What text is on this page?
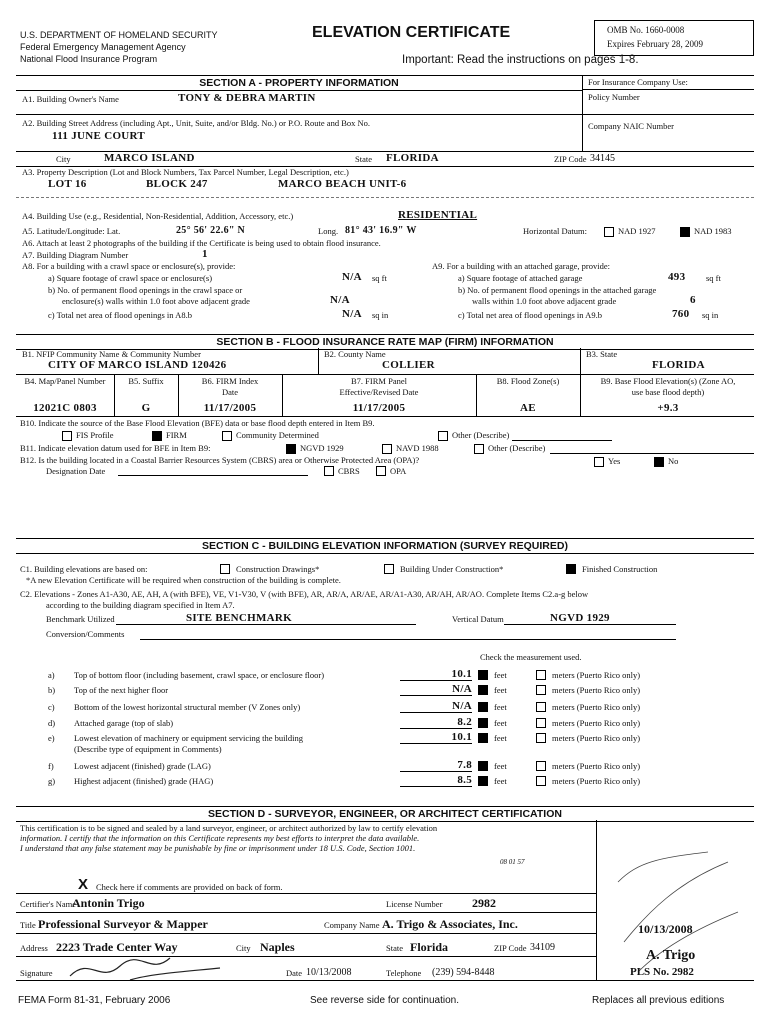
U.S. DEPARTMENT OF HOMELAND SECURITY
Federal Emergency Management Agency
National Flood Insurance Program
ELEVATION CERTIFICATE	OMB No. 1660-0008
Expires February 28, 2009
Important: Read the instructions on pages 1-8.
SECTION A - PROPERTY INFORMATION	For Insurance Company Use:
Policy Number
Company NAIC Number
A1. Building Owner's Name	TONY & DEBRA MARTIN
A2. Building Street Address (including Apt., Unit, Suite, and/or Bldg. No.) or P.O. Route and Box No.
111 JUNE COURT
City	MARCO ISLAND	State FLORIDA	ZIP Code 34145
A3. Property Description (Lot and Block Numbers, Tax Parcel Number, Legal Description, etc.)
LOT 16	BLOCK 247	MARCO BEACH UNIT-6
A4. Building Use (e.g., Residential, Non-Residential, Addition, Accessory, etc.)	RESIDENTIAL
A5. Latitude/Longitude: Lat.	25° 56' 22.6" N	Long. 81° 43' 16.9" W	Horizontal Datum:	NAD 1927	NAD 1983
A6. Attach at least 2 photographs of the building if the Certificate is being used to obtain flood insurance.
A7. Building Diagram Number	1
A8. For a building with a crawl space or enclosure(s), provide:
a) Square footage of crawl space or enclosure(s)	N/A sq ft
b) No. of permanent flood openings in the crawl space or
enclosure(s) walls within 1.0 foot above adjacent grade	N/A
c) Total net area of flood openings in A8.b	N/A sq in
A9. For a building with an attached garage, provide:
a) Square footage of attached garage	493 sq ft
b) No. of permanent flood openings in the attached garage
walls within 1.0 foot above adjacent grade	6
c) Total net area of flood openings in A9.b	760 sq in
SECTION B - FLOOD INSURANCE RATE MAP (FIRM) INFORMATION
B1. NFIP Community Name & Community Number
CITY OF MARCO ISLAND 120426
B2. County Name
COLLIER
B3. State
FLORIDA
B4. Map/Panel Number
12021C 0803
B5. Suffix
G
B6. FIRM Index
Date
11/17/2005
B7. FIRM Panel
Effective/Revised Date
11/17/2005
B8. Flood Zone(s)
AE
B9. Base Flood Elevation(s) (Zone AO,
use base flood depth)
+9.3
B10. Indicate the source of the Base Flood Elevation (BFE) data or base flood depth entered in Item B9.
FIS Profile	FIRM	Community Determined	Other (Describe)
B11. Indicate elevation datum used for BFE in Item B9:	NGVD 1929	NAVD 1988	Other (Describe)
B12. Is the building located in a Coastal Barrier Resources System (CBRS) area or Otherwise Protected Area (OPA)?
Designation Date	CBRS	OPA
Yes	No
SECTION C - BUILDING ELEVATION INFORMATION (SURVEY REQUIRED)
C1. Building elevations are based on:	Construction Drawings*	Building Under Construction*	Finished Construction
*A new Elevation Certificate will be required when construction of the building is complete.
C2. Elevations - Zones A1-A30, AE, AH, A (with BFE), VE, V1-V30, V (with BFE), AR, AR/A, AR/AE, AR/A1-A30, AR/AH, AR/AO. Complete Items C2.a-g below
according to the building diagram specified in Item A7.
Benchmark Utilized	SITE BENCHMARK	Vertical Datum	NGVD 1929
Conversion/Comments
Check the measurement used.
a) Top of bottom floor (including basement, crawl space, or enclosure floor)	10.1	feet	meters (Puerto Rico only)
b) Top of the next higher floor	N/A	feet	meters (Puerto Rico only)
c) Bottom of the lowest horizontal structural member (V Zones only)	N/A	feet	meters (Puerto Rico only)
d) Attached garage (top of slab)	8.2	feet	meters (Puerto Rico only)
e) Lowest elevation of machinery or equipment servicing the building
(Describe type of equipment in Comments)
10.1	feet	meters (Puerto Rico only)
f) Lowest adjacent (finished) grade (LAG)	7.8	feet	meters (Puerto Rico only)
g) Highest adjacent (finished) grade (HAG)	8.5	feet	meters (Puerto Rico only)
SECTION D - SURVEYOR, ENGINEER, OR ARCHITECT CERTIFICATION
This certification is to be signed and sealed by a land surveyor, engineer, or architect authorized by law to certify elevation
information. I certify that the information on this Certificate represents my best efforts to interpret the data available.
I understand that any false statement may be punishable by fine or imprisonment under 18 U.S. Code, Section 1001.
08 01 57
X Check here if comments are provided on back of form.
Certifier's Name
Antonin Trigo	License Number 2982
Title Professional Surveyor & Mapper	Company Name A. Trigo & Associates, Inc.
Address 2223 Trade Center Way	City Naples	State Florida	ZIP Code 34109
Signature	Date 10/13/2008	Telephone (239) 594-8448
10/13/2008
A. Trigo
PLS No. 2982
FEMA Form 81-31, February 2006	See reverse side for continuation.	Replaces all previous editions
